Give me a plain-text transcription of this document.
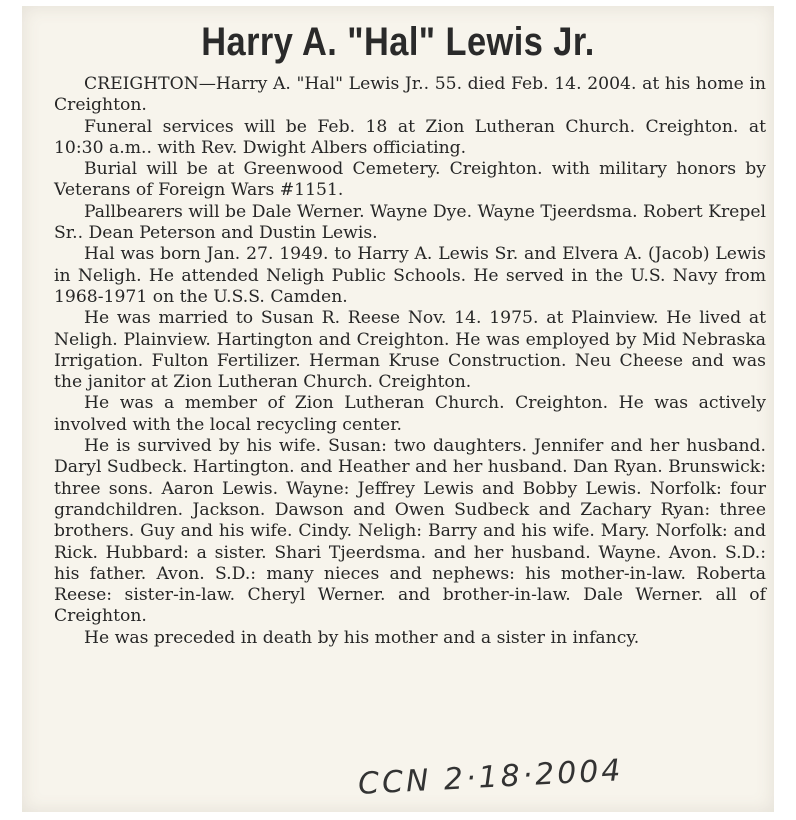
Harry A. "Hal" Lewis Jr.

CREIGHTON—Harry A. "Hal" Lewis Jr.. 55. died Feb. 14. 2004. at his home in Creighton.

Funeral services will be Feb. 18 at Zion Lutheran Church. Creighton. at 10:30 a.m.. with Rev. Dwight Albers officiating.

Burial will be at Greenwood Cemetery. Creighton. with military honors by Veterans of Foreign Wars #1151.

Pallbearers will be Dale Werner. Wayne Dye. Wayne Tjeerdsma. Robert Krepel Sr.. Dean Peterson and Dustin Lewis.

Hal was born Jan. 27. 1949. to Harry A. Lewis Sr. and Elvera A. (Jacob) Lewis in Neligh. He attended Neligh Public Schools. He served in the U.S. Navy from 1968-1971 on the U.S.S. Camden.

He was married to Susan R. Reese Nov. 14. 1975. at Plainview. He lived at Neligh. Plainview. Hartington and Creighton. He was employed by Mid Nebraska Irrigation. Fulton Fertilizer. Herman Kruse Construction. Neu Cheese and was the janitor at Zion Lutheran Church. Creighton.

He was a member of Zion Lutheran Church. Creighton. He was actively involved with the local recycling center.

He is survived by his wife. Susan: two daughters. Jennifer and her husband. Daryl Sudbeck. Hartington. and Heather and her husband. Dan Ryan. Brunswick: three sons. Aaron Lewis. Wayne: Jeffrey Lewis and Bobby Lewis. Norfolk: four grandchildren. Jackson. Dawson and Owen Sudbeck and Zachary Ryan: three brothers. Guy and his wife. Cindy. Neligh: Barry and his wife. Mary. Norfolk: and Rick. Hubbard: a sister. Shari Tjeerdsma. and her husband. Wayne. Avon. S.D.: his father. Avon. S.D.: many nieces and nephews: his mother-in-law. Roberta Reese: sister-in-law. Cheryl Werner. and brother-in-law. Dale Werner. all of Creighton.

He was preceded in death by his mother and a sister in infancy.

CCN 2·18·2004
